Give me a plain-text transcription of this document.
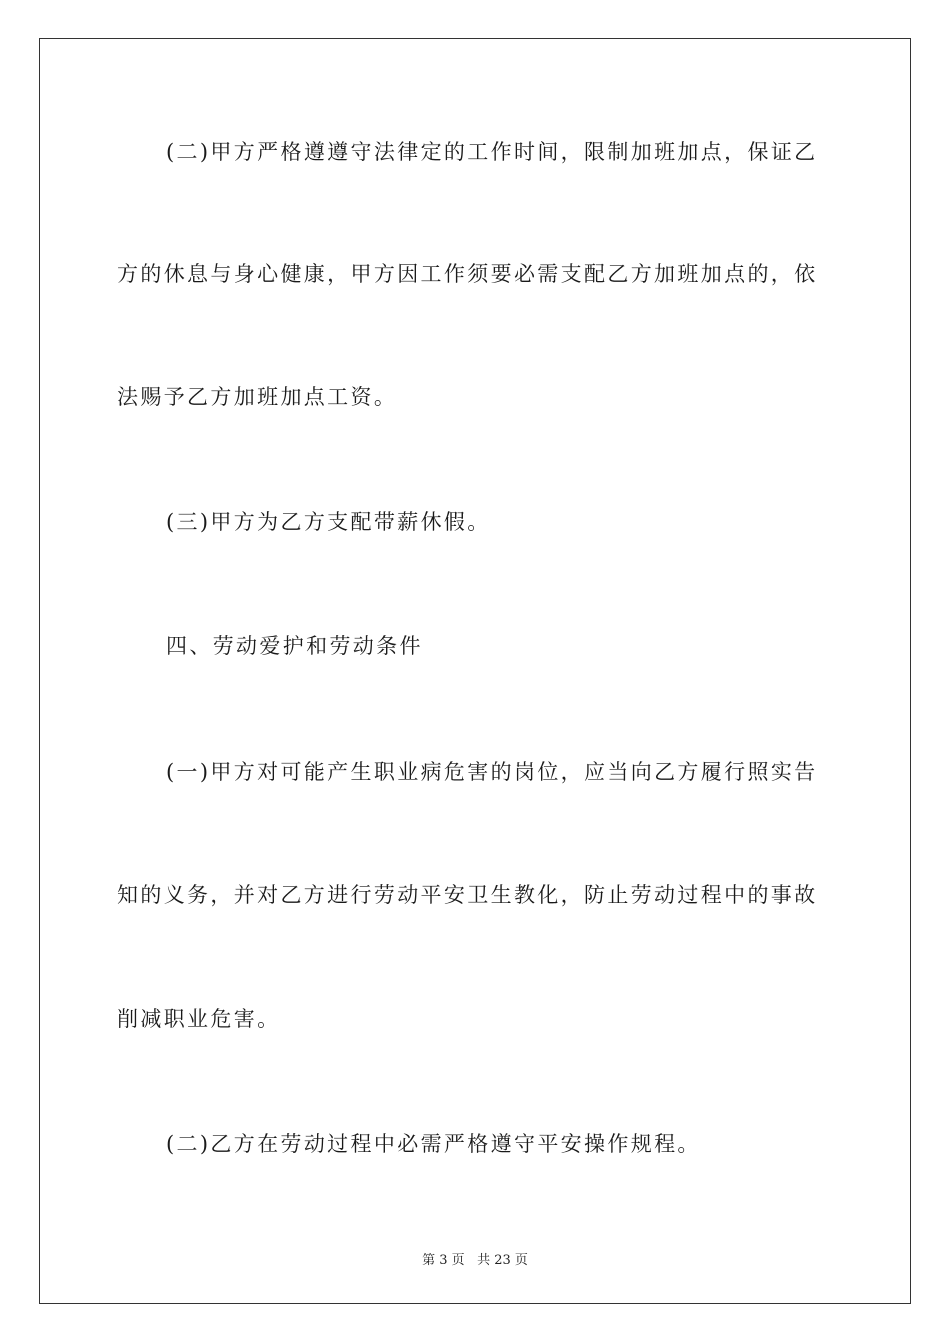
(二)甲方严格遵遵守法律定的工作时间，限制加班加点，保证乙
方的休息与身心健康，甲方因工作须要必需支配乙方加班加点的，依
法赐予乙方加班加点工资。
(三)甲方为乙方支配带薪休假。
四、劳动爱护和劳动条件
(一)甲方对可能产生职业病危害的岗位，应当向乙方履行照实告
知的义务，并对乙方进行劳动平安卫生教化，防止劳动过程中的事故
削减职业危害。
(二)乙方在劳动过程中必需严格遵守平安操作规程。
第 3 页 共 23 页
